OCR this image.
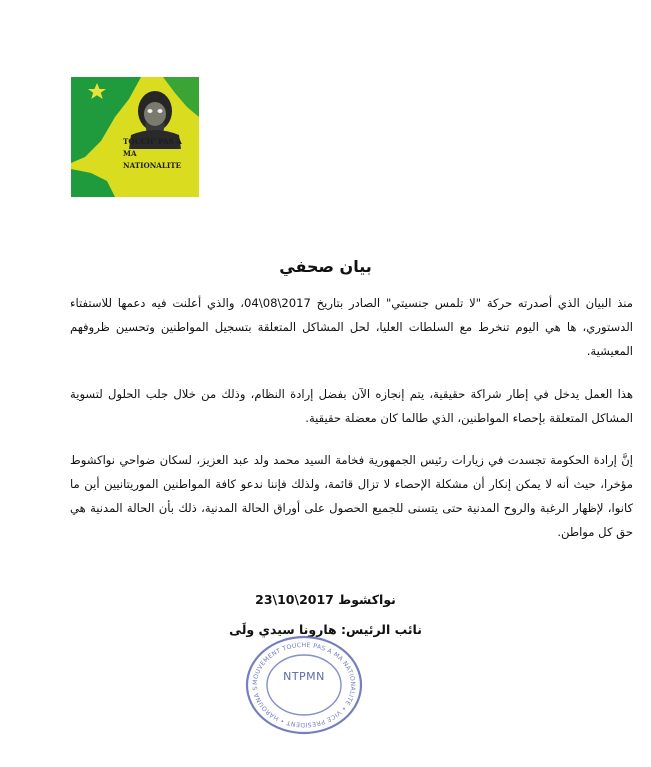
TOUCH' PAS A
MA
NATIONALITE
بيان صحفي
منذ البيان الذي أصدرته حركة "لا تلمس جنسيتي" الصادر بتاريخ 2017\08\04، والذي أعلنت فيه دعمها للاستفتاء الدستوري، ها هي اليوم تنخرط مع السلطات العليا، لحل المشاكل المتعلقة بتسجيل المواطنين وتحسين ظروفهم المعيشية.
هذا العمل يدخل في إطار شراكة حقيقية، يتم إنجازه الآن بفضل إرادة النظام، وذلك من خلال جلب الحلول لتسوية المشاكل المتعلقة بإحصاء المواطنين، الذي طالما كان معضلة حقيقية.
إنَّ إرادة الحكومة تجسدت في زيارات رئيس الجمهورية فخامة السيد محمد ولد عبد العزيز، لسكان ضواحي نواكشوط مؤخرا، حيث أنه لا يمكن إنكار أن مشكلة الإحصاء لا تزال قائمة، ولذلك فإننا ندعو كافة المواطنين الموريتانيين أين ما كانوا، لإظهار الرغبة والروح المدنية حتى يتسنى للجميع الحصول على أوراق الحالة المدنية، ذلك بأن الحالة المدنية هي حق كل مواطن.
نواكشوط 2017\10\23
نائب الرئيس: هارونا سيدي ولَى
MOUVEMENT TOUCHE PAS A MA NATIONALITE • VICE PRESIDENT • HAROUNA S
NTPMN
